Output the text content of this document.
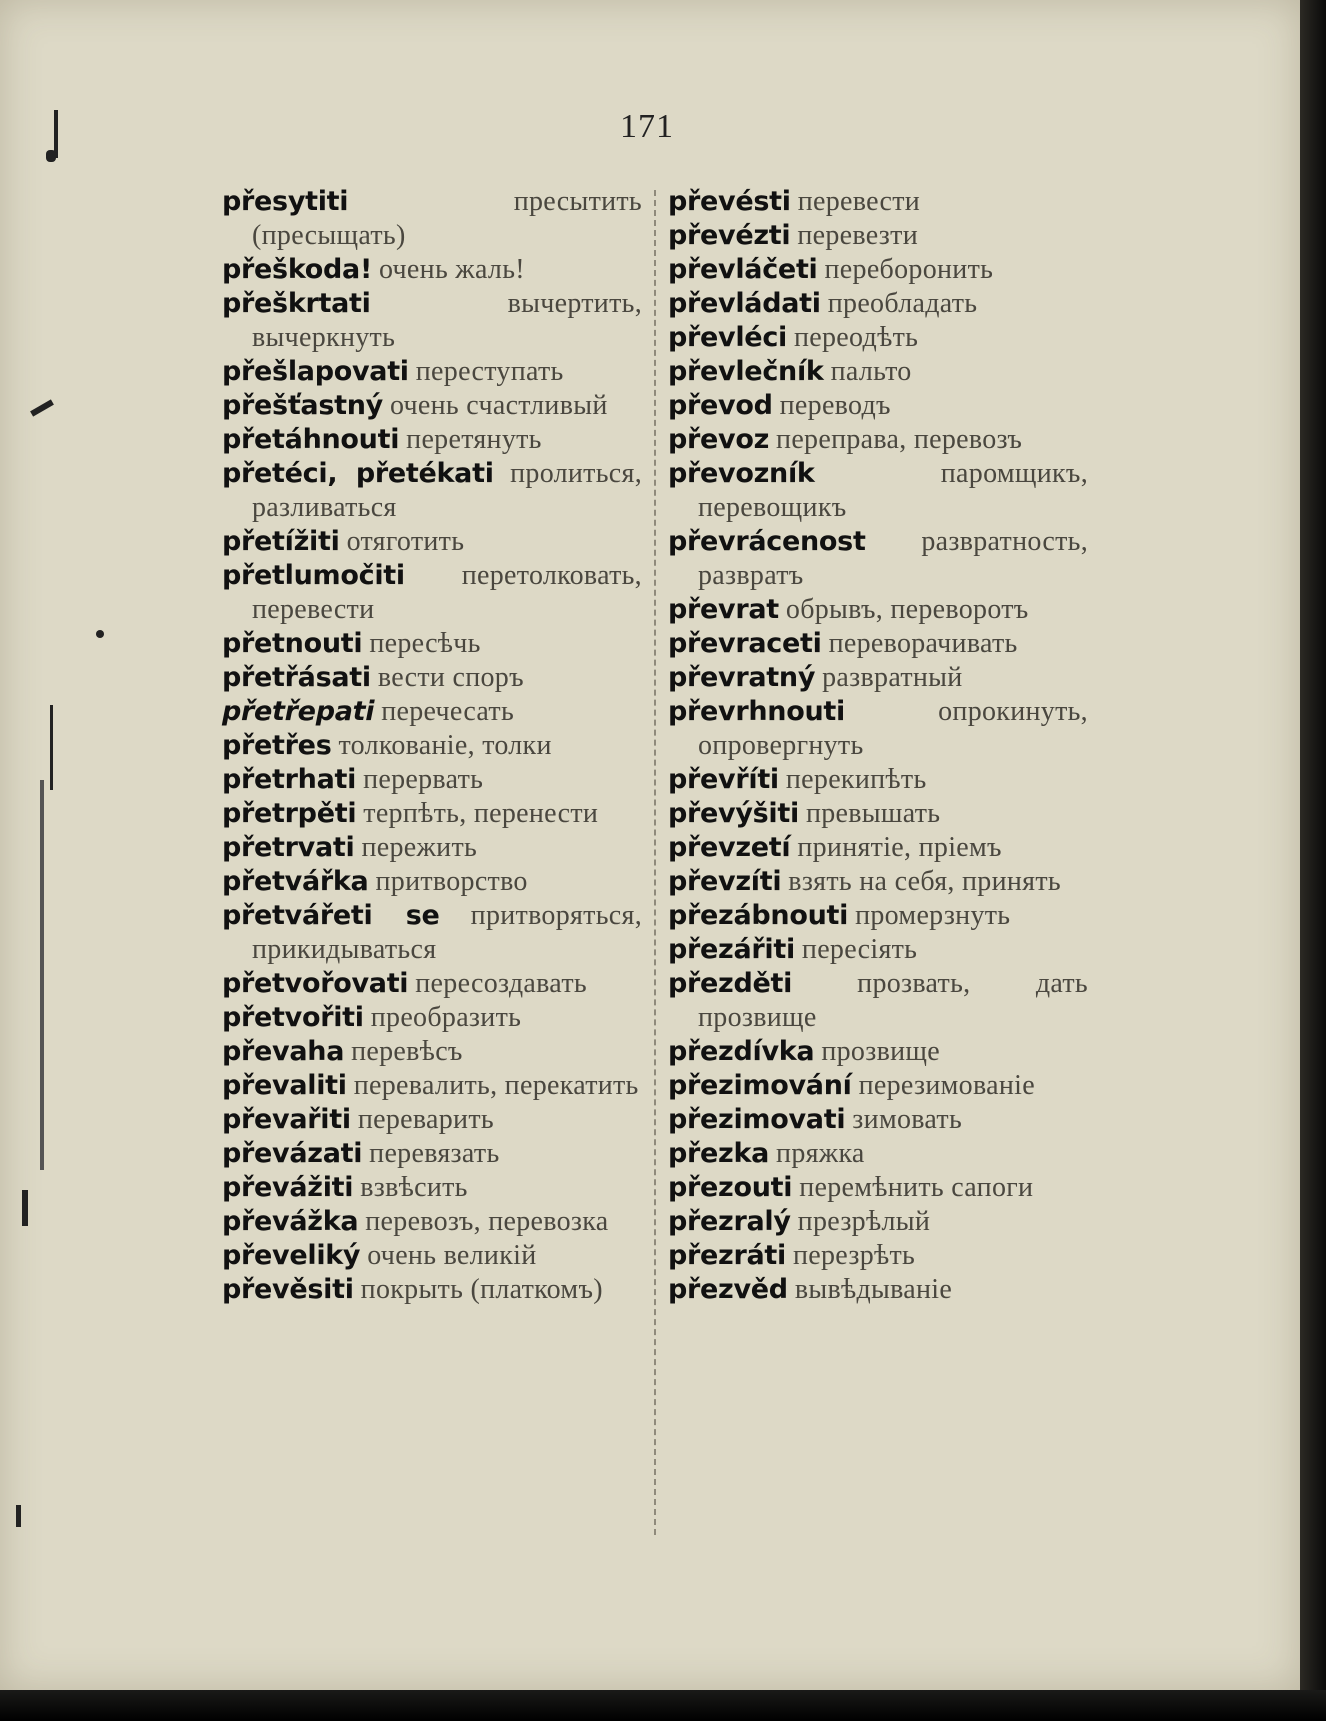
171
přesytiti	пресытить (пресыщать)
přeškoda! очень жаль!
přeškrtati	вычертить, вычеркнуть
přešlapovati переступать
přešťastný очень счастливый
přetáhnouti перетянуть
přetéci, přetékati пролиться, разливаться
přetížiti отяготить
přetlumočiti перетолковать, перевести
přetnouti пересѣчь
přetřásati вести споръ
přetřepati перечесать
přetřes толкованіе, толки
přetrhati перервать
přetrpěti терпѣть, перенести
přetrvati пережить
přetvářka притворство
přetvářeti se притворяться, прикидываться
přetvořovati пересоздавать
přetvořiti преобразить
převaha перевѣсъ
převaliti перевалить, перекатить
převařiti переварить
převázati перевязать
převážiti взвѣсить
převážka перевозъ, перевозка
převeliký очень великій
převěsiti покрыть (платкомъ)
převésti перевести
převézti перевезти
převláčeti переборонить
převládati преобладать
převléci переодѣть
převlečník пальто
převod переводъ
převoz переправа, перевозъ
převozník	паромщикъ, перевощикъ
převrácenost развратность, развратъ
převrat обрывъ, переворотъ
převraceti переворачивать
převratný развратный
převrhnouti	опрокинуть, опровергнуть
převříti перекипѣть
převýšiti превышать
převzetí принятіе, пріемъ
převzíti взять на себя, принять
přezábnouti промерзнуть
přezářiti пересіять
přezděti прозвать, дать прозвище
přezdívka прозвище
přezimování перезимованіе
přezimovati зимовать
přezka пряжка
přezouti перемѣнить сапоги
přezralý презрѣлый
přezráti перезрѣть
přezvěd вывѣдываніе
